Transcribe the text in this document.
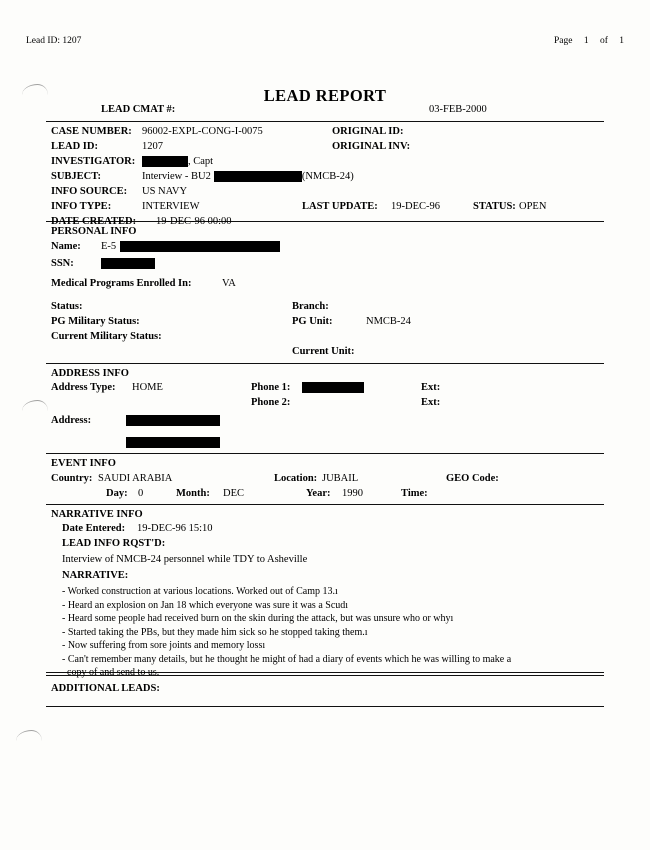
Lead ID: 1207	Page 1 of 1
LEAD REPORT
LEAD CMAT #:	03-FEB-2000
CASE NUMBER: 96002-EXPL-CONG-I-0075	ORIGINAL ID:
LEAD ID:	1207	ORIGINAL INV:
INVESTIGATOR:	, Capt
SUBJECT:	Interview - BU2	(NMCB-24)
INFO SOURCE: US NAVY
INFO TYPE:	INTERVIEW	LAST UPDATE: 19-DEC-96	STATUS: OPEN
DATE CREATED: 19-DEC-96 00:00
PERSONAL INFO
Name: E-5
SSN:
Medical Programs Enrolled In:	VA
Status:	Branch:
PG Military Status:	PG Unit:	NMCB-24
Current Military Status:
Current Unit:
ADDRESS INFO
Address Type: HOME	Phone 1:	Ext:
Phone 2:	Ext:
Address:
EVENT INFO
Country: SAUDI ARABIA	Location: JUBAIL	GEO Code:
Day: 0	Month: DEC	Year: 1990	Time:
NARRATIVE INFO
Date Entered: 19-DEC-96 15:10
LEAD INFO RQST'D:
Interview of NMCB-24 personnel while TDY to Asheville
NARRATIVE:
- Worked construction at various locations. Worked out of Camp 13.ı
- Heard an explosion on Jan 18 which everyone was sure it was a Scudı
- Heard some people had received burn on the skin during the attack, but was unsure who or whyı
- Started taking the PBs, but they made him sick so he stopped taking them.ı
- Now suffering from sore joints and memory lossı
- Can't remember many details, but he thought he might of had a diary of events which he was willing to make a
copy of and send to us.
ADDITIONAL LEADS:
